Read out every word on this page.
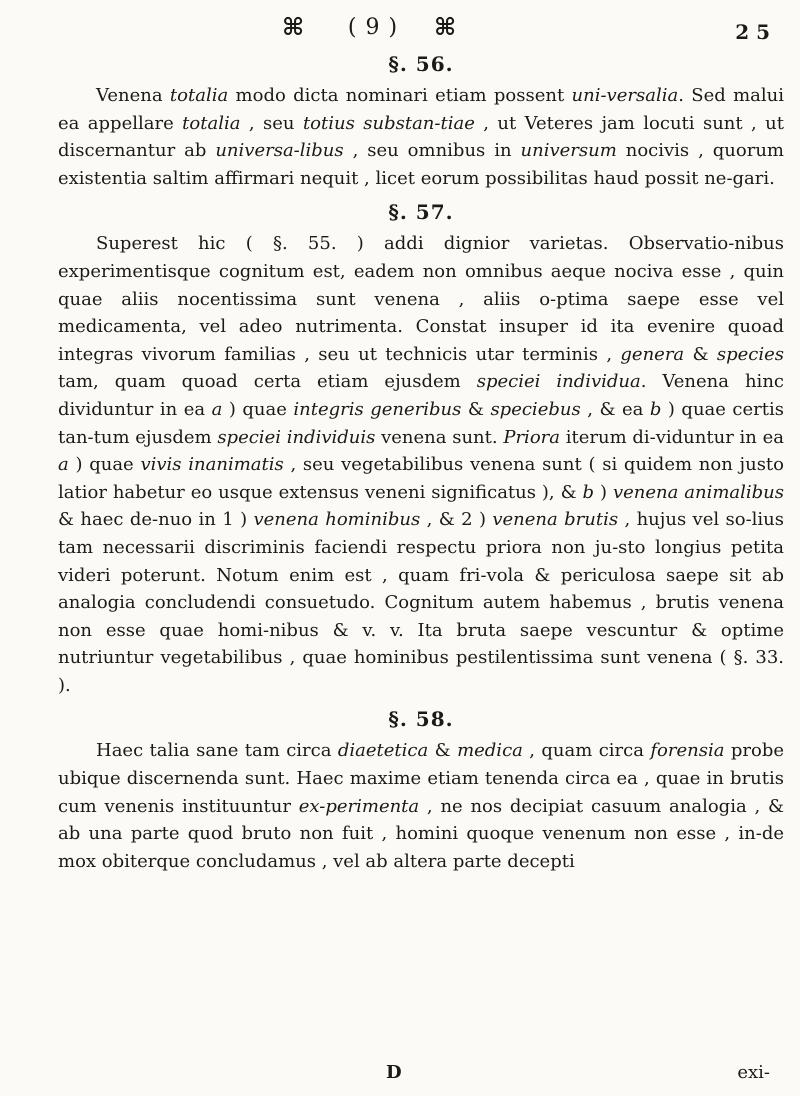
⌘	( 9 )	⌘	2 5
§. 56.

Venena totalia modo dicta nominari etiam possent uni-versalia. Sed malui ea appellare totalia , seu totius substan-tiae , ut Veteres jam locuti sunt , ut discernantur ab universa-libus , seu omnibus in universum nocivis , quorum existentia saltim affirmari nequit , licet eorum possibilitas haud possit ne-gari.

§. 57.

Superest hic ( §. 55. ) addi dignior varietas. Observatio-nibus experimentisque cognitum est, eadem non omnibus aeque nociva esse , quin quae aliis nocentissima sunt venena , aliis o-ptima saepe esse vel medicamenta, vel adeo nutrimenta. Constat insuper id ita evenire quoad integras vivorum familias , seu ut technicis utar terminis , genera & species tam, quam quoad certa etiam ejusdem speciei individua. Venena hinc dividuntur in ea a ) quae integris generibus & speciebus , & ea b ) quae certis tan-tum ejusdem speciei individuis venena sunt. Priora iterum di-viduntur in ea a ) quae vivis inanimatis , seu vegetabilibus venena sunt ( si quidem non justo latior habetur eo usque extensus veneni significatus ), & b ) venena animalibus & haec de-nuo in 1 ) venena hominibus , & 2 ) venena brutis , hujus vel so-lius tam necessarii discriminis faciendi respectu priora non ju-sto longius petita videri poterunt. Notum enim est , quam fri-vola & periculosa saepe sit ab analogia concludendi consuetudo. Cognitum autem habemus , brutis venena non esse quae homi-nibus & v. v. Ita bruta saepe vescuntur & optime nutriuntur vegetabilibus , quae hominibus pestilentissima sunt venena ( §. 33. ).

§. 58.

Haec talia sane tam circa diaetetica & medica , quam circa forensia probe ubique discernenda sunt. Haec maxime etiam tenenda circa ea , quae in brutis cum venenis instituuntur ex-perimenta , ne nos decipiat casuum analogia , & ab una parte quod bruto non fuit , homini quoque venenum non esse , in-de mox obiterque concludamus , vel ab altera parte decepti

D	exi-
